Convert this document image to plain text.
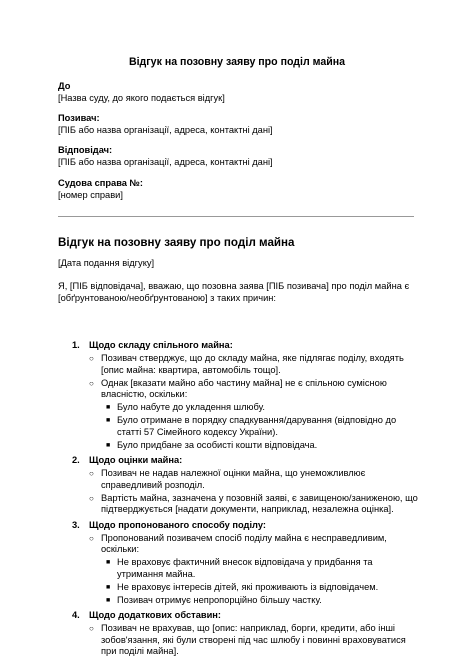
Відгук на позовну заяву про поділ майна
До
[Назва суду, до якого подається відгук]
Позивач:
[ПІБ або назва організації, адреса, контактні дані]
Відповідач:
[ПІБ або назва організації, адреса, контактні дані]
Судова справа №:
[номер справи]
Відгук на позовну заяву про поділ майна
[Дата подання відгуку]
Я, [ПІБ відповідача], вважаю, що позовна заява [ПІБ позивача] про поділ майна є
[обґрунтованою/необґрунтованою] з таких причин:
1. Щодо складу спільного майна:
○ Позивач стверджує, що до складу майна, яке підлягає поділу, входять
[опис майна: квартира, автомобіль тощо].
○ Однак [вказати майно або частину майна] не є спільною сумісною
власністю, оскільки:
■ Було набуте до укладення шлюбу.
■ Було отримане в порядку спадкування/дарування (відповідно до
статті 57 Сімейного кодексу України).
■ Було придбане за особисті кошти відповідача.
2. Щодо оцінки майна:
○ Позивач не надав належної оцінки майна, що унеможливлює
справедливий розподіл.
○ Вартість майна, зазначена у позовній заяві, є завищеною/заниженою, що
підтверджується [надати документи, наприклад, незалежна оцінка].
3. Щодо пропонованого способу поділу:
○ Пропонований позивачем спосіб поділу майна є несправедливим,
оскільки:
■ Не враховує фактичний внесок відповідача у придбання та
утримання майна.
■ Не враховує інтересів дітей, які проживають із відповідачем.
■ Позивач отримує непропорційно більшу частку.
4. Щодо додаткових обставин:
○ Позивач не врахував, що [опис: наприклад, борги, кредити, або інші
зобов'язання, які були створені під час шлюбу і повинні враховуватися
при поділі майна].
